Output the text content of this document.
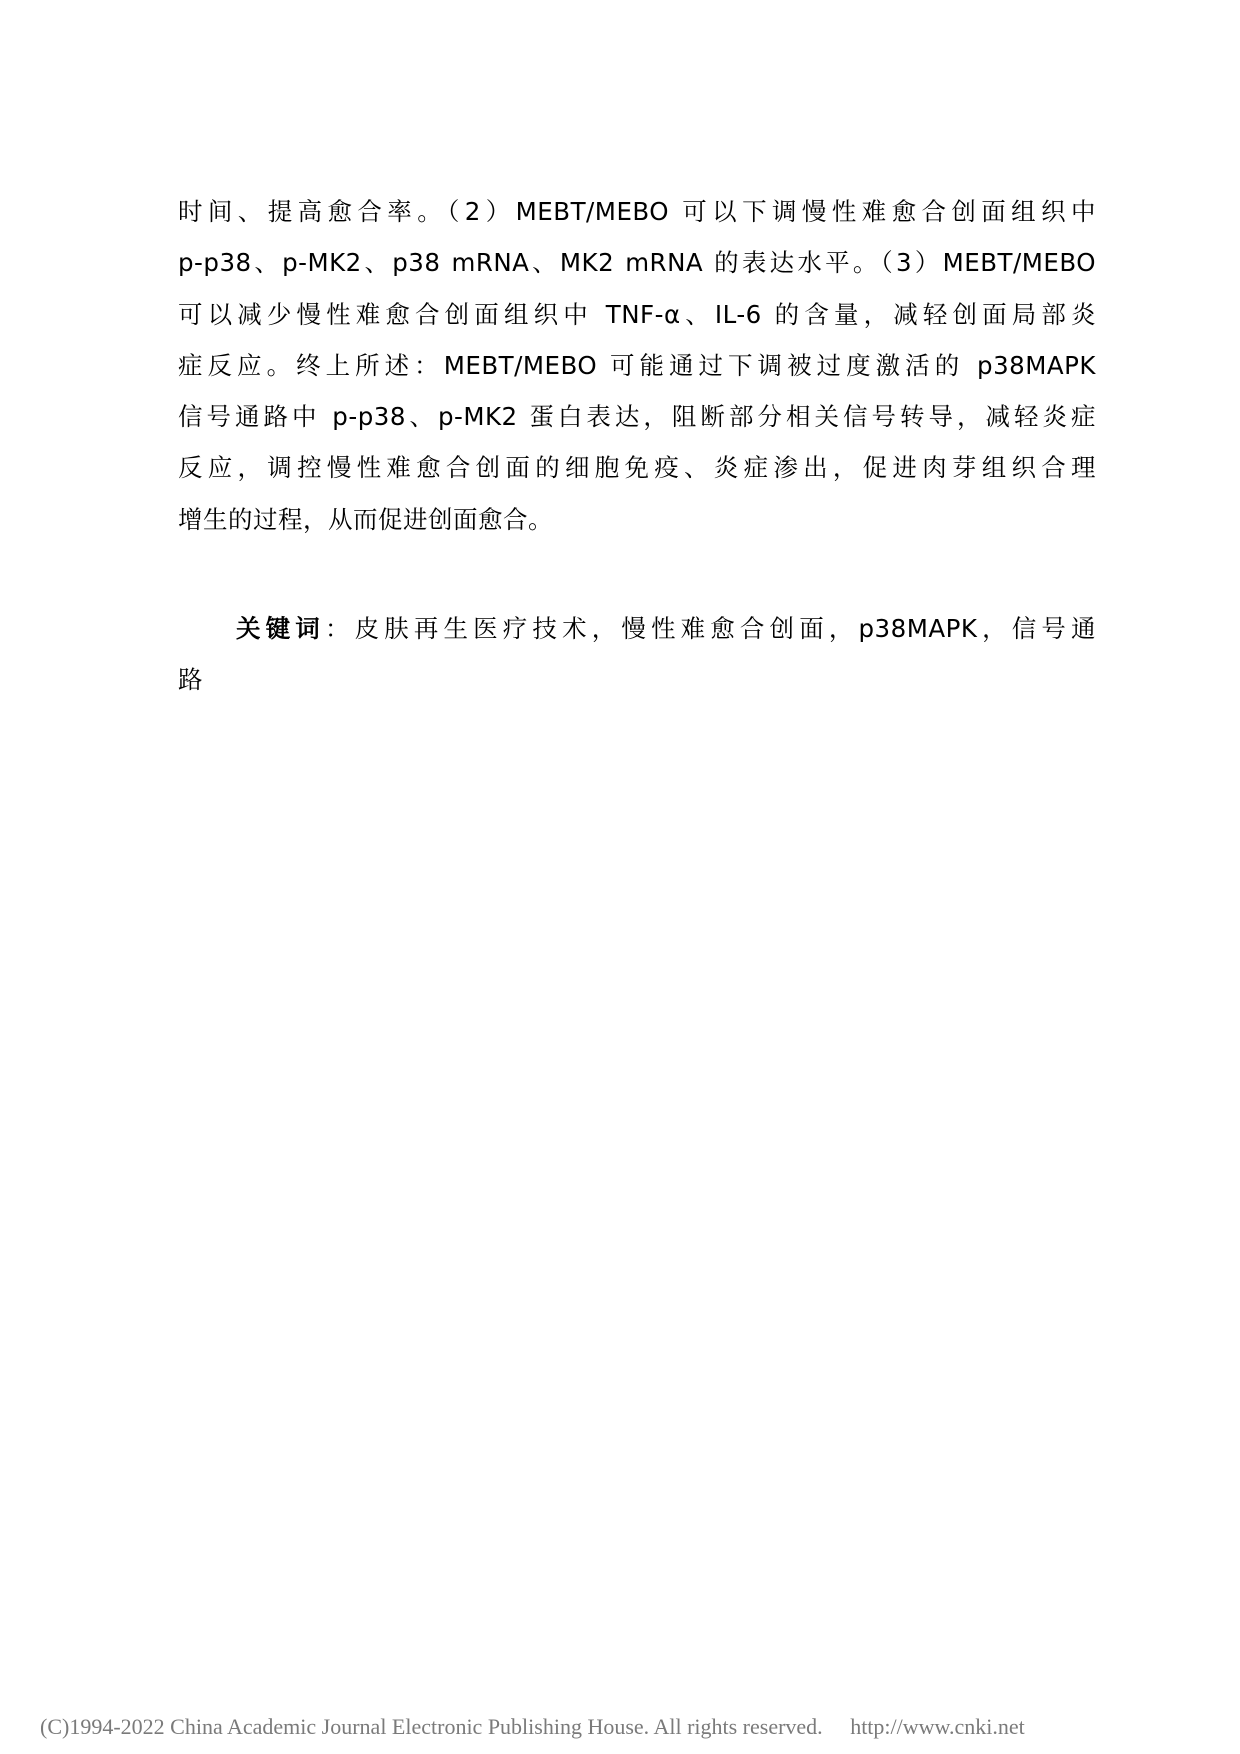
时间、提高愈合率。（2）MEBT/MEBO 可以下调慢性难愈合创面组织中
p-p38、p-MK2、p38 mRNA、MK2 mRNA 的表达水平。（3）MEBT/MEBO
可以减少慢性难愈合创面组织中 TNF-α、IL-6 的含量，减轻创面局部炎
症反应。终上所述：MEBT/MEBO 可能通过下调被过度激活的 p38MAPK
信号通路中 p-p38、p-MK2 蛋白表达，阻断部分相关信号转导，减轻炎症
反应，调控慢性难愈合创面的细胞免疫、炎症渗出，促进肉芽组织合理
增生的过程，从而促进创面愈合。
关键词：皮肤再生医疗技术，慢性难愈合创面，p38MAPK，信号通
路
(C)1994-2022 China Academic Journal Electronic Publishing House. All rights reserved. http://www.cnki.net
